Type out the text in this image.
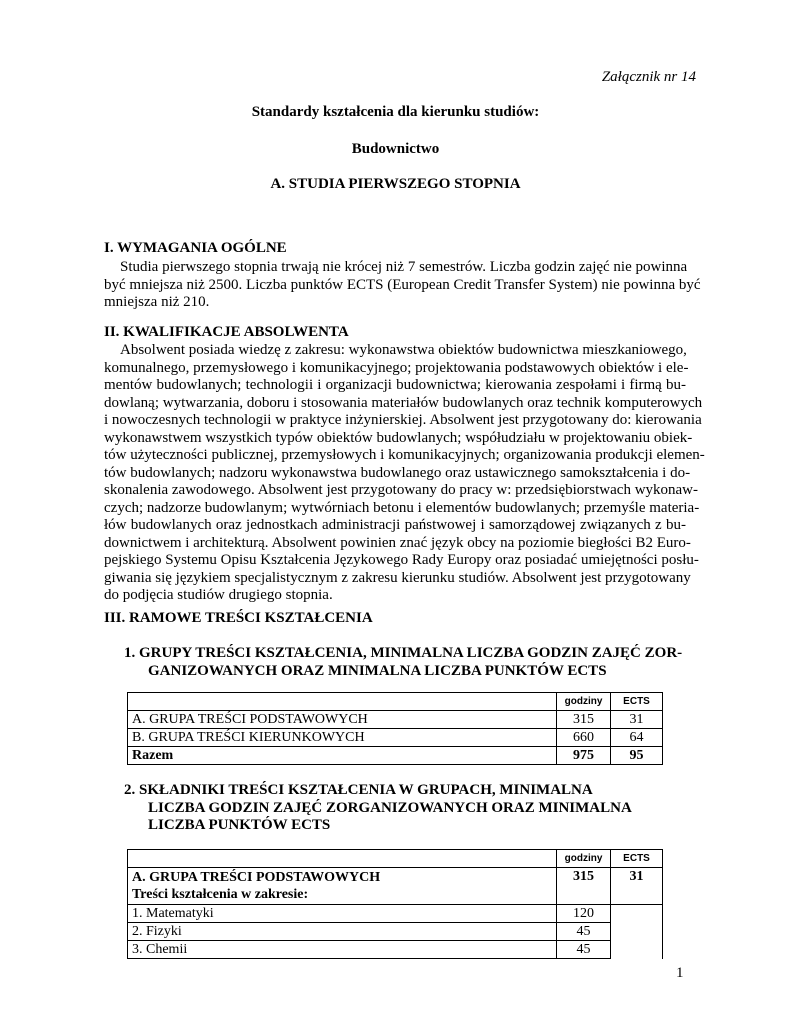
Załącznik nr 14
Standardy kształcenia dla kierunku studiów:
Budownictwo
A. STUDIA PIERWSZEGO STOPNIA
I. WYMAGANIA OGÓLNE
Studia pierwszego stopnia trwają nie krócej niż 7 semestrów. Liczba godzin zajęć nie powinna
być mniejsza niż 2500. Liczba punktów ECTS (European Credit Transfer System) nie powinna być
mniejsza niż 210.
II. KWALIFIKACJE ABSOLWENTA
Absolwent posiada wiedzę z zakresu: wykonawstwa obiektów budownictwa mieszkaniowego,
komunalnego, przemysłowego i komunikacyjnego; projektowania podstawowych obiektów i ele-
mentów budowlanych; technologii i organizacji budownictwa; kierowania zespołami i firmą bu-
dowlaną; wytwarzania, doboru i stosowania materiałów budowlanych oraz technik komputerowych
i nowoczesnych technologii w praktyce inżynierskiej. Absolwent jest przygotowany do: kierowania
wykonawstwem wszystkich typów obiektów budowlanych; współudziału w projektowaniu obiek-
tów użyteczności publicznej, przemysłowych i komunikacyjnych; organizowania produkcji elemen-
tów budowlanych; nadzoru wykonawstwa budowlanego oraz ustawicznego samokształcenia i do-
skonalenia zawodowego. Absolwent jest przygotowany do pracy w: przedsiębiorstwach wykonaw-
czych; nadzorze budowlanym; wytwórniach betonu i elementów budowlanych; przemyśle materia-
łów budowlanych oraz jednostkach administracji państwowej i samorządowej związanych z bu-
downictwem i architekturą. Absolwent powinien znać język obcy na poziomie biegłości B2 Euro-
pejskiego Systemu Opisu Kształcenia Językowego Rady Europy oraz posiadać umiejętności posłu-
giwania się językiem specjalistycznym z zakresu kierunku studiów. Absolwent jest przygotowany
do podjęcia studiów drugiego stopnia.
III. RAMOWE TREŚCI KSZTAŁCENIA
1. GRUPY TREŚCI KSZTAŁCENIA, MINIMALNA LICZBA GODZIN ZAJĘĆ ZOR-
GANIZOWANYCH ORAZ MINIMALNA LICZBA PUNKTÓW ECTS
	godziny	ECTS
A. GRUPA TREŚCI PODSTAWOWYCH	315	31
B. GRUPA TREŚCI KIERUNKOWYCH	660	64
Razem	975	95
2. SKŁADNIKI TREŚCI KSZTAŁCENIA W GRUPACH, MINIMALNA
LICZBA GODZIN ZAJĘĆ ZORGANIZOWANYCH ORAZ MINIMALNA
LICZBA PUNKTÓW ECTS
	godziny	ECTS

A. GRUPA TREŚCI PODSTAWOWYCH
Treści kształcenia w zakresie:	315	31
1. Matematyki	120	
2. Fizyki	45	
3. Chemii	45	
1
